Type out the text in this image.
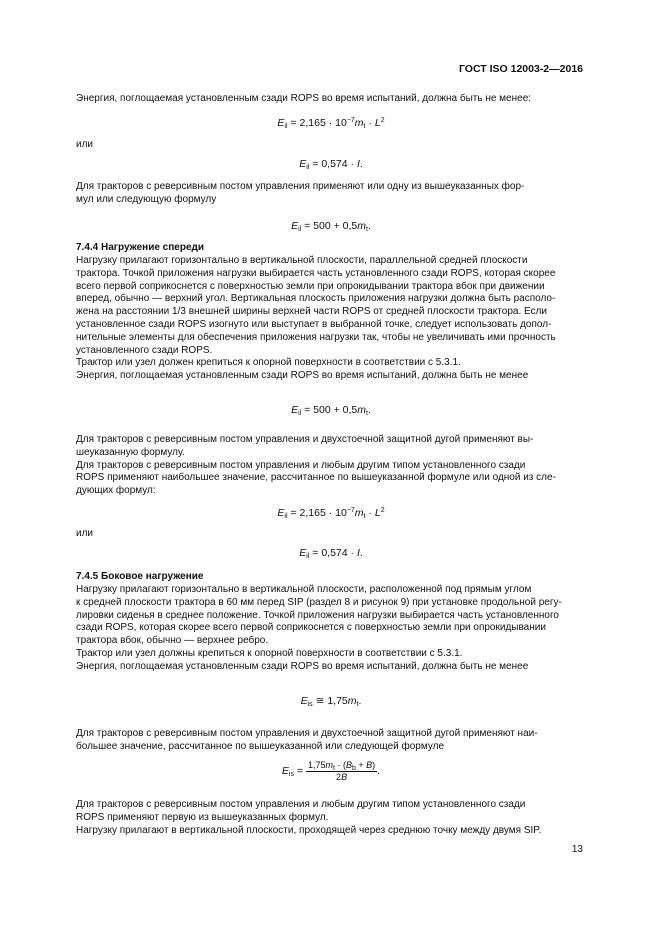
ГОСТ ISO 12003-2—2016

Энергия, поглощаемая установленным сзади ROPS во время испытаний, должна быть не менее:

$E_{il} = 2,165 \cdot 10^{-7}m_t \cdot L^2$
или
$E_{il} = 0,574 \cdot I$.
Для тракторов с реверсивным постом управления применяют или одну из вышеуказанных фор-
мул или следующую формулу
$E_{il} = 500 + 0,5m_t$.
7.4.4 Нагружение спереди
Нагрузку прилагают горизонтально в вертикальной плоскости, параллельной средней плоскости
трактора. Точкой приложения нагрузки выбирается часть установленного сзади ROPS, которая скорее
всего первой соприкоснется с поверхностью земли при опрокидывании трактора вбок при движении
вперед, обычно — верхний угол. Вертикальная плоскость приложения нагрузки должна быть располо-
жена на расстоянии 1/3 внешней ширины верхней части ROPS от средней плоскости трактора. Если
установленное сзади ROPS изогнуто или выступает в выбранной точке, следует использовать допол-
нительные элементы для обеспечения приложения нагрузки так, чтобы не увеличивать ими прочность
установленного сзади ROPS.
Трактор или узел должен крепиться к опорной поверхности в соответствии с 5.3.1.
Энергия, поглощаемая установленным сзади ROPS во время испытаний, должна быть не менее
$E_{il} = 500 + 0,5m_t$.
Для тракторов с реверсивным постом управления и двухстоечной защитной дугой применяют вы-
шеуказанную формулу.
Для тракторов с реверсивным постом управления и любым другим типом установленного сзади
ROPS применяют наибольшее значение, рассчитанное по вышеуказанной формуле или одной из сле-
дующих формул:
$E_{il} = 2,165 \cdot 10^{-7}m_t \cdot L^2$
или
$E_{il} = 0,574 \cdot I$.
7.4.5 Боковое нагружение
Нагрузку прилагают горизонтально в вертикальной плоскости, расположенной под прямым углом
к средней плоскости трактора в 60 мм перед SIP (раздел 8 и рисунок 9) при установке продольной регу-
лировки сиденья в среднее положение. Точкой приложения нагрузки выбирается часть установленного
сзади ROPS, которая скорее всего первой соприкоснется с поверхностью земли при опрокидывании
трактора вбок, обычно — верхнее ребро.
Трактор или узел должны крепиться к опорной поверхности в соответствии с 5.3.1.
Энергия, поглощаемая установленным сзади ROPS во время испытаний, должна быть не менее
$E_{is}$ ≅ $1,75m_t$.
Для тракторов с реверсивным постом управления и двухстоечной защитной дугой применяют наи-
большее значение, рассчитанное по вышеуказанной или следующей формуле
$E_{is} = \frac{1,75m_t \cdot (B_b + B)}{2B}$ .
Для тракторов с реверсивным постом управления и любым другим типом установленного сзади
ROPS применяют первую из вышеуказанных формул.
Нагрузку прилагают в вертикальной плоскости, проходящей через среднюю точку между двумя SIP.
13
